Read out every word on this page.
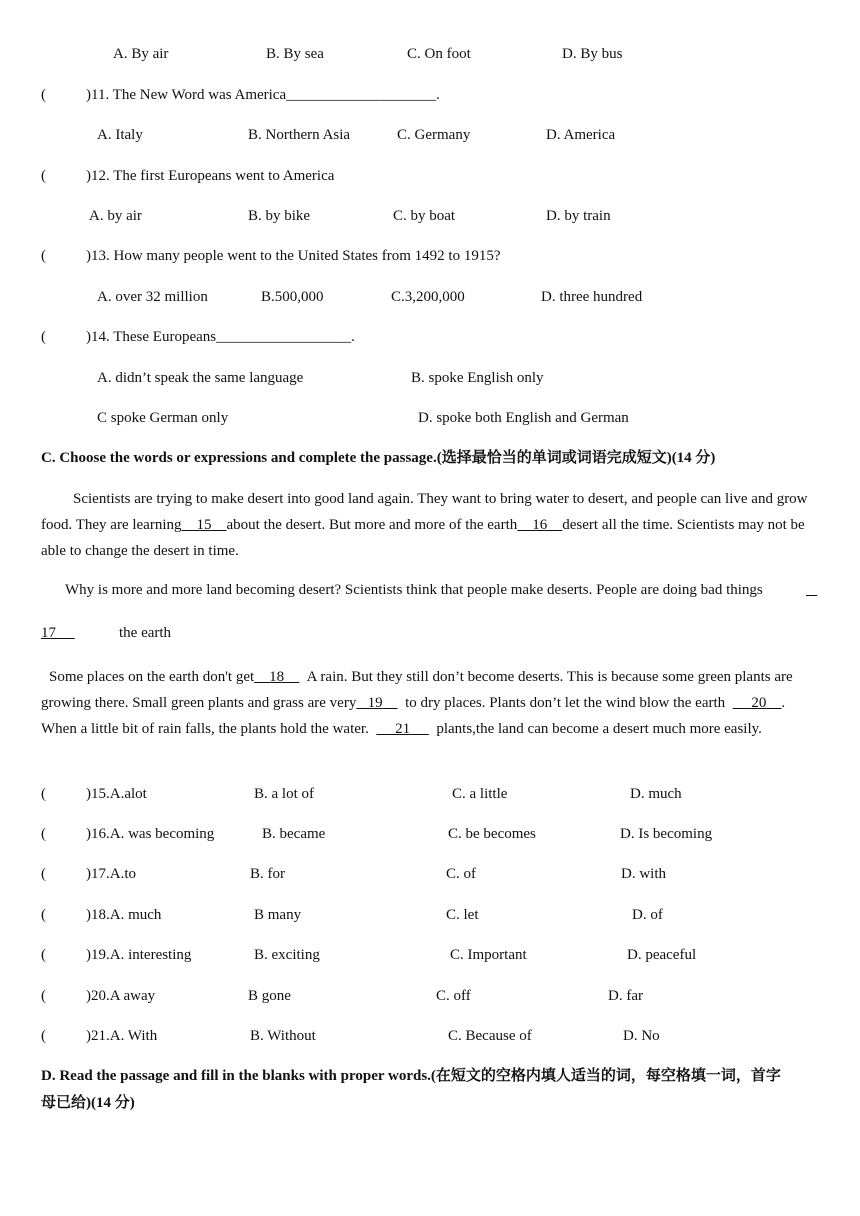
A. By air	B. By sea	C. On foot	D. By bus
(	)11. The New Word was America____________________.
A. Italy	B. Northern Asia	C. Germany	D. America
(	)12. The first Europeans went to America
A. by air	B. by bike	C. by boat	D. by train
(	)13. How many people went to the United States from 1492 to 1915?
A. over 32 million	B.500,000	C.3,200,000	D. three hundred
(	)14. These Europeans__________________.
A. didn’t speak the same language	B. spoke English only
C spoke German only	D. spoke both English and German
C. Choose the words or expressions and complete the passage.(选择最恰当的单词或词语完成短文)(14 分)
Scientists are trying to make desert into good land again. They want to bring water to desert, and people can live and grow food. They are learning 15 about the desert. But more and more of the earth 16 desert all the time. Scientists may not be able to change the desert in time.
Why is more and more land becoming desert? Scientists think that people make deserts. People are doing bad things

17	the earth
Some places on the earth don't get 18 A rain. But they still don’t become deserts. This is because some green plants are growing there. Small green plants and grass are very 19 to dry places. Plants don’t let the wind blow the earth 20 . When a little bit of rain falls, the plants hold the water. 21 plants,the land can become a desert much more easily.
(	)15.A.alot	B. a lot of	C. a little	D. much
(	)16.A. was becoming	B. became	C. be becomes	D. Is becoming
(	)17.A.to	B. for	C. of	D. with
(	)18.A. much	B many	C. let	D. of
(	)19.A. interesting	B. exciting	C. Important	D. peaceful
(	)20.A away	B gone	C. off	D. far
(	)21.A. With	B. Without	C. Because of	D. No
D. Read the passage and fill in the blanks with proper words.(在短文的空格内填人适当的词，每空格填一词，首字
母已给)(14 分)
